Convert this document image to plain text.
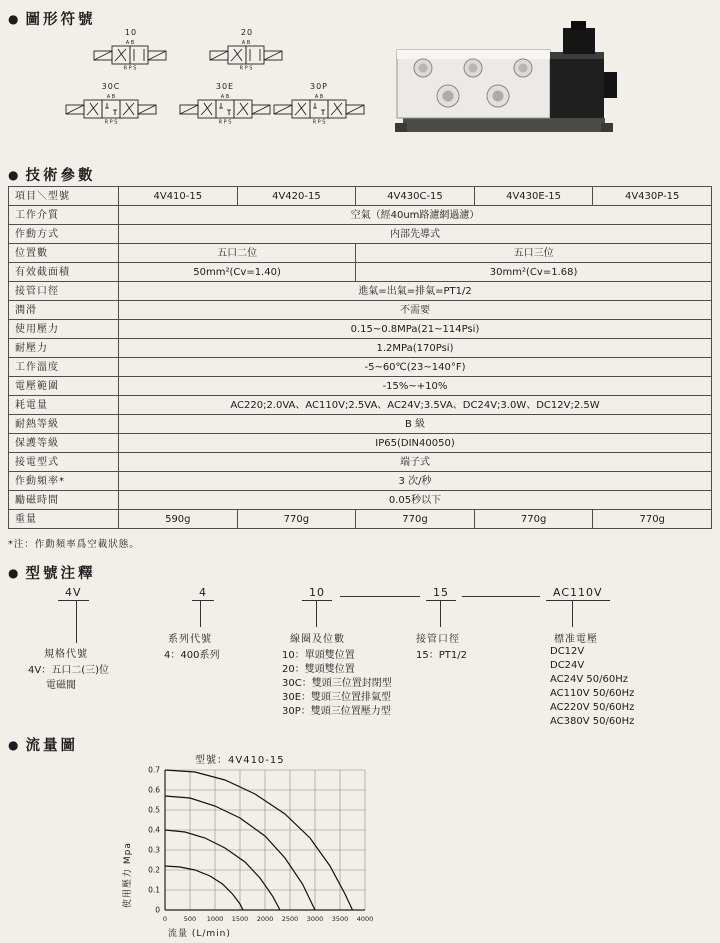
● 圖形符號
10	20
30C	30E	30P
● 技術參數
項目＼型號	4V410-15	4V420-15	4V430C-15	4V430E-15	4V430P-15
工作介質	空氣（經40um路濾網過濾）				
作動方式	内部先導式				
位置數	五口二位		五口三位		
有效截面積	50mm²(Cv=1.40)		30mm²(Cv=1.68)		
接管口徑	進氣=出氣=排氣=PT1/2				
潤滑	不需要				
使用壓力	0.15~0.8MPa(21~114Psi)				
耐壓力	1.2MPa(170Psi)				
工作溫度	-5~60℃(23~140°F)				
電壓範圍	-15%~+10%				
耗電量	AC220;2.0VA、AC110V;2.5VA、AC24V;3.5VA、DC24V;3.0W、DC12V;2.5W				
耐熱等級	B 級				
保護等級	IP65(DIN40050)				
接電型式	端子式				
作動頻率*	3 次/秒				
勵磁時間	0.05秒以下				
重量	590g	770g	770g	770g	770g
*注：作動頻率爲空載狀態。
● 型號注釋
4V	4	10	15	AC110V
規格代號
4V：五口二(三)位
電磁閥
系列代號
4：400系列
線圈及位數
10：單頭雙位置
20：雙頭雙位置
30C：雙頭三位置封閉型
30E：雙頭三位置排氣型
30P：雙頭三位置壓力型
接管口徑
15：PT1/2
標准電壓
DC12V
DC24V
AC24V 50/60Hz
AC110V 50/60Hz
AC220V 50/60Hz
AC380V 50/60Hz
● 流量圖
型號：4V410-15
0	500 1000 1500 2000 2500 3000 3500 4000
0
0.1
0.2
0.3
0.4
0.5
0.6
0.7
使用壓力 Mpa
流量 (L/min)
